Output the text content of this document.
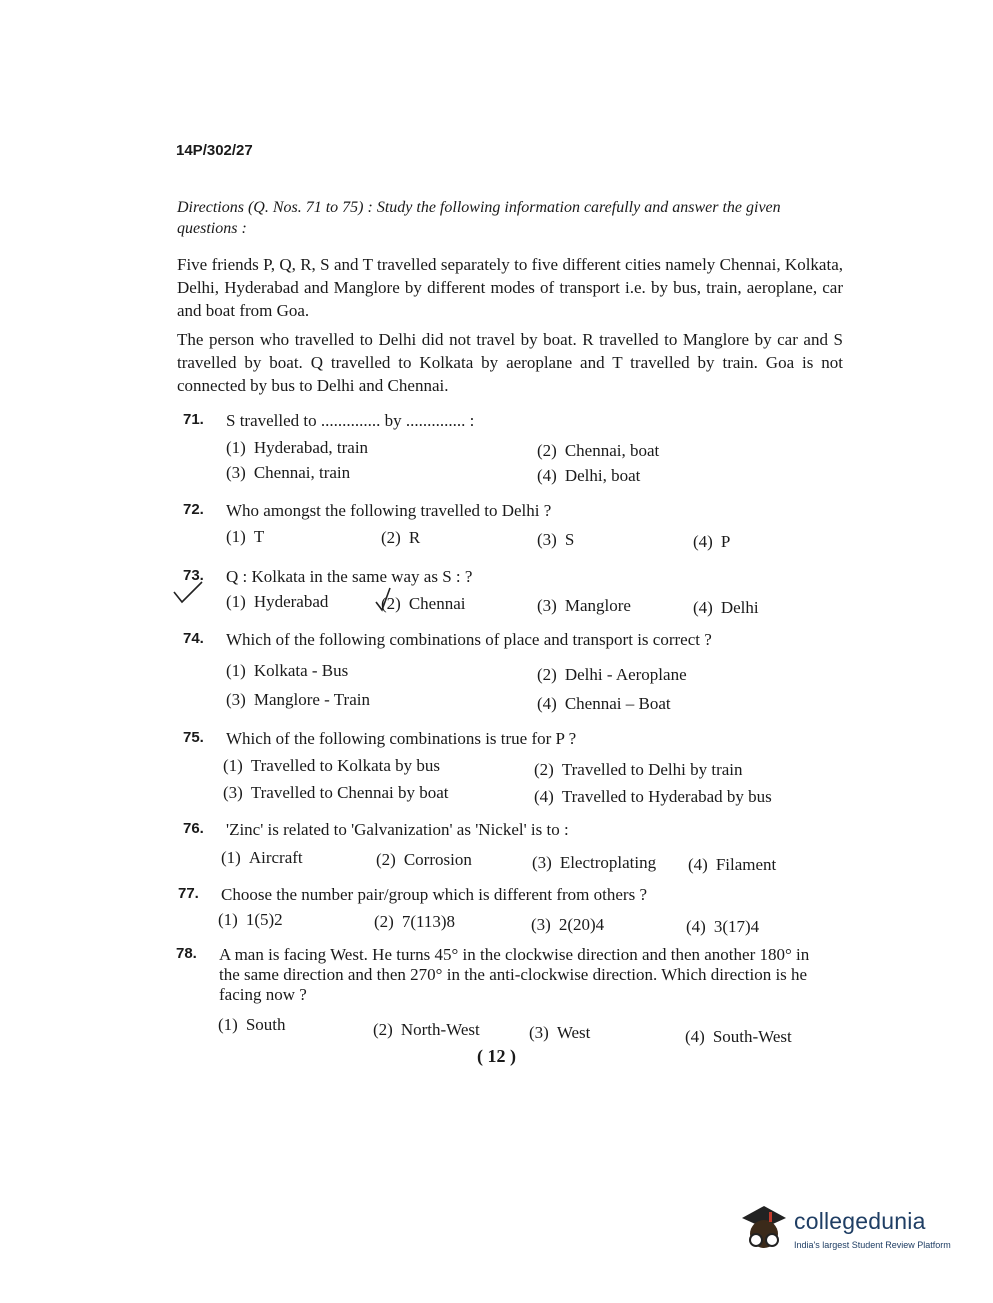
14P/302/27
Directions (Q. Nos. 71 to 75) : Study the following information carefully and answer the given questions :
Five friends P, Q, R, S and T travelled separately to five different cities namely Chennai, Kolkata, Delhi, Hyderabad and Manglore by different modes of transport i.e. by bus, train, aeroplane, car and boat from Goa.
The person who travelled to Delhi did not travel by boat. R travelled to Manglore by car and S travelled by boat. Q travelled to Kolkata by aeroplane and T travelled by train. Goa is not connected by bus to Delhi and Chennai.
71. S travelled to .............. by .............. :
(1) Hyderabad, train	(2) Chennai, boat
(3) Chennai, train	(4) Delhi, boat
72. Who amongst the following travelled to Delhi ?
(1) T	(2) R	(3) S	(4) P
73. Q : Kolkata in the same way as S : ?
(1) Hyderabad	(2) Chennai	(3) Manglore	(4) Delhi
74. Which of the following combinations of place and transport is correct ?
(1) Kolkata - Bus	(2) Delhi - Aeroplane
(3) Manglore - Train	(4) Chennai – Boat
75. Which of the following combinations is true for P ?
(1) Travelled to Kolkata by bus	(2) Travelled to Delhi by train
(3) Travelled to Chennai by boat	(4) Travelled to Hyderabad by bus
76. 'Zinc' is related to 'Galvanization' as 'Nickel' is to :
(1) Aircraft	(2) Corrosion	(3) Electroplating (4) Filament
77. Choose the number pair/group which is different from others ?
(1) 1(5)2	(2) 7(113)8	(3) 2(20)4	(4) 3(17)4
78. A man is facing West. He turns 45° in the clockwise direction and then another 180° in the same direction and then 270° in the anti-clockwise direction. Which direction is he facing now ?
(1) South	(2) North-West	(3) West	(4) South-West
( 12 )
collegedunia
India's largest Student Review Platform
